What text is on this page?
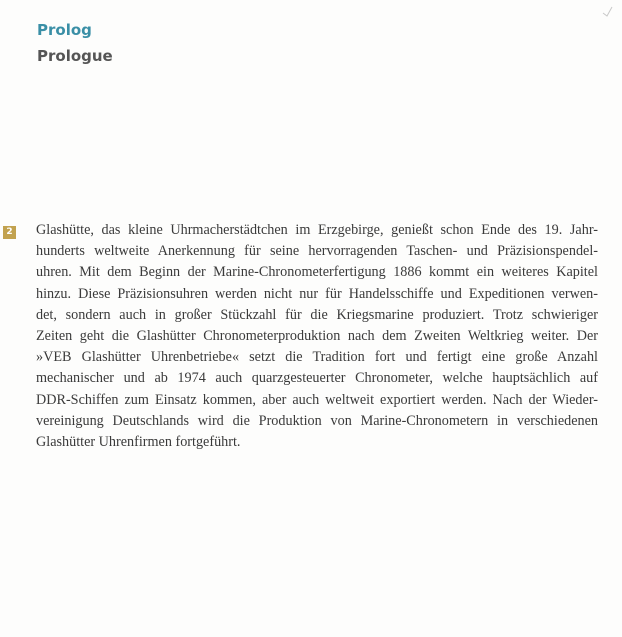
Prolog
Prologue
2 Glashütte, das kleine Uhrmacherstädtchen im Erzgebirge, genießt schon Ende des 19. Jahr-
hunderts weltweite Anerkennung für seine hervorragenden Taschen- und Präzisionspendel-
uhren. Mit dem Beginn der Marine-Chronometerfertigung 1886 kommt ein weiteres Kapitel
hinzu. Diese Präzisionsuhren werden nicht nur für Handelsschiffe und Expeditionen verwen-
det, sondern auch in großer Stückzahl für die Kriegsmarine produziert. Trotz schwieriger
Zeiten geht die Glashütter Chronometerproduktion nach dem Zweiten Weltkrieg weiter. Der
»VEB Glashütter Uhrenbetriebe« setzt die Tradition fort und fertigt eine große Anzahl
mechanischer und ab 1974 auch quarzgesteuerter Chronometer, welche hauptsächlich auf
DDR-Schiffen zum Einsatz kommen, aber auch weltweit exportiert werden. Nach der Wieder-
vereinigung Deutschlands wird die Produktion von Marine-Chronometern in verschiedenen
Glashütter Uhrenfirmen fortgeführt.
